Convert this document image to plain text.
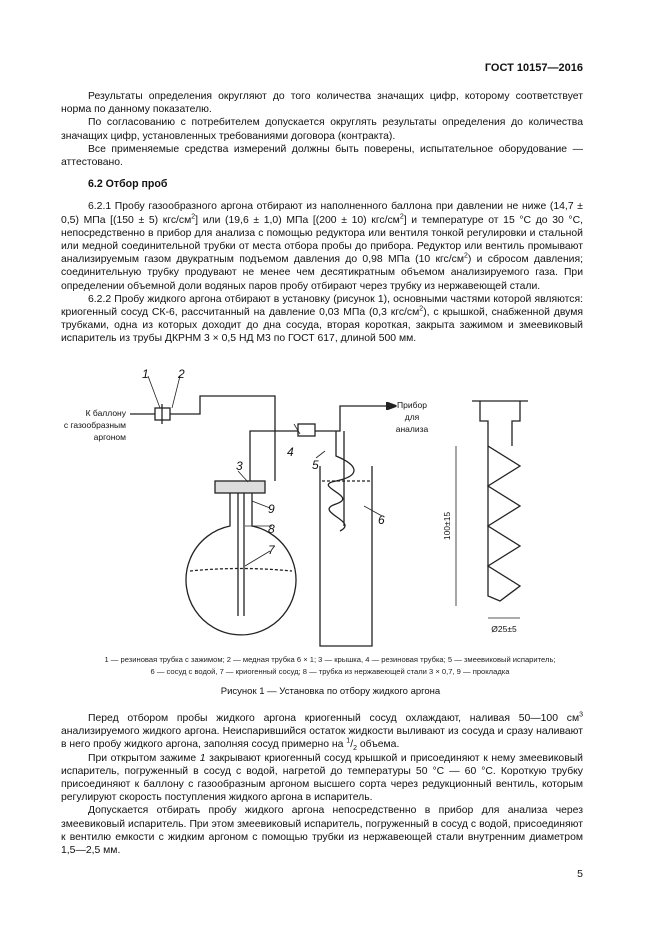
ГОСТ 10157—2016

Результаты определения округляют до того количества значащих цифр, которому соответствует норма по данному показателю.

По согласованию с потребителем допускается округлять результаты определения до количества значащих цифр, установленных требованиями договора (контракта).

Все применяемые средства измерений должны быть поверены, испытательное оборудование — аттестовано.

6.2 Отбор проб

6.2.1 Пробу газообразного аргона отбирают из наполненного баллона при давлении не ниже (14,7 ± 0,5) МПа [(150 ± 5) кгс/$см^2$] или (19,6 ± 1,0) МПа [(200 ± 10) кгс/$см^2$] и температуре от 15 °С до 30 °С, непосредственно в прибор для анализа с помощью редуктора или вентиля тонкой регулировки и стальной или медной соединительной трубки от места отбора пробы до прибора. Редуктор или вентиль промывают анализируемым газом двукратным подъемом давления до 0,98 МПа (10 кгс/$см^2$) и сбросом давления; соединительную трубку продувают не менее чем десятикратным объемом анализируемого газа. При определении объемной доли водяных паров пробу отбирают через трубку из нержавеющей стали.

6.2.2 Пробу жидкого аргона отбирают в установку (рисунок 1), основными частями которой являются: криогенный сосуд СК-6, рассчитанный на давление 0,03 МПа (0,3 кгс/$см^2$), с крышкой, снабженной двумя трубками, одна из которых доходит до дна сосуда, вторая короткая, закрыта зажимом и змеевиковый испаритель из трубы ДКРНМ 3 × 0,5 НД М3 по ГОСТ 617, длиной 500 мм.

1 2
3
4
5
6
7
8
9
К баллону
с газообразным
аргоном
Прибор
для
анализа
Ø25±5
100±15
1 — резиновая трубка с зажимом; 2 — медная трубка 6 × 1; 3 — крышка, 4 — резиновая трубка; 5 — змеевиковый испаритель;
6 — сосуд с водой, 7 — криогенный сосуд; 8 — трубка из нержавеющей стали 3 × 0,7, 9 — прокладка
Рисунок 1 — Установка по отбору жидкого аргона

Перед отбором пробы жидкого аргона криогенный сосуд охлаждают, наливая 50—100 $см^3$ анализируемого жидкого аргона. Неиспарившийся остаток жидкости выливают из сосуда и сразу наливают в него пробу жидкого аргона, заполняя сосуд примерно на $^1/_2$ объема.

При открытом зажиме 1 закрывают криогенный сосуд крышкой и присоединяют к нему змеевиковый испаритель, погруженный в сосуд с водой, нагретой до температуры 50 °С — 60 °С. Короткую трубку присоединяют к баллону с газообразным аргоном высшего сорта через редукционный вентиль, которым регулируют скорость поступления жидкого аргона в испаритель.

Допускается отбирать пробу жидкого аргона непосредственно в прибор для анализа через змеевиковый испаритель. При этом змеевиковый испаритель, погруженный в сосуд с водой, присоединяют к вентилю емкости с жидким аргоном с помощью трубки из нержавеющей стали внутренним диаметром 1,5—2,5 мм.

5
